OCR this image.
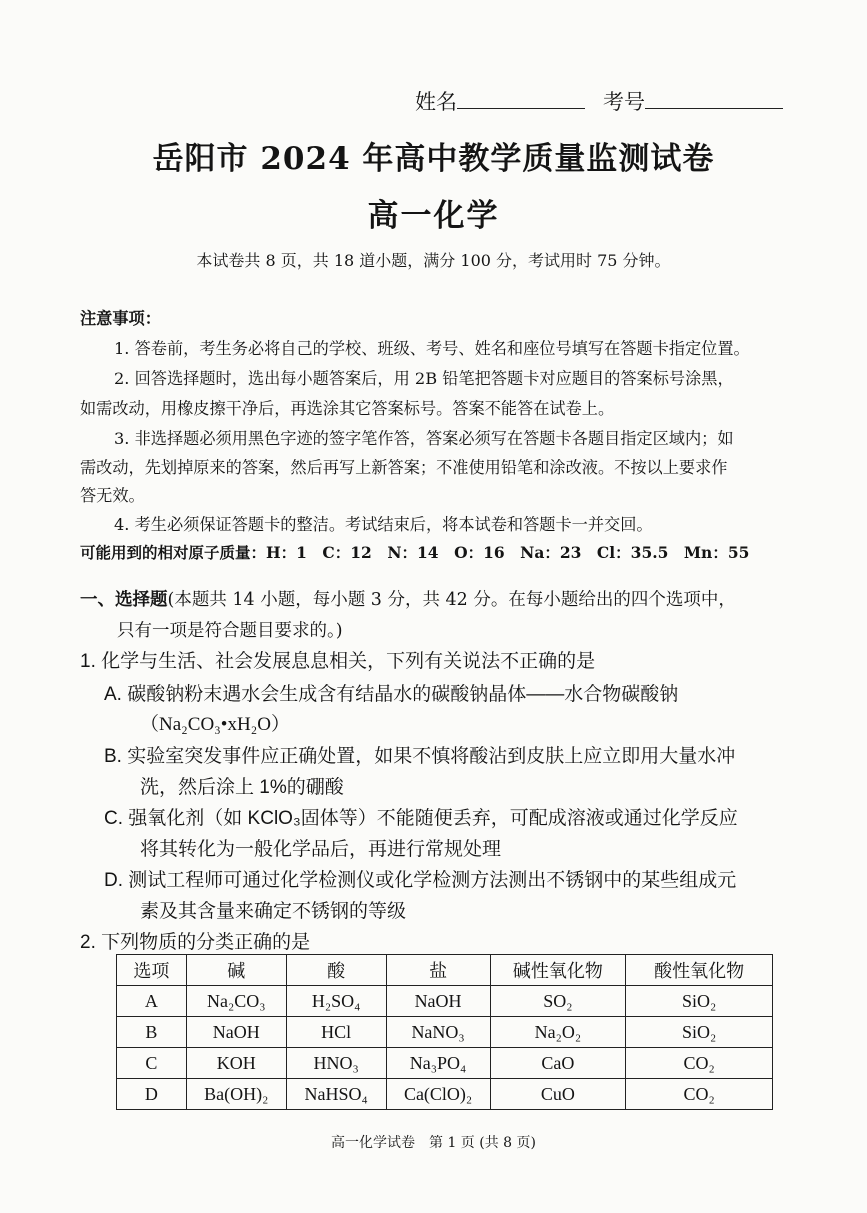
姓名	考号
岳阳市 2024 年高中教学质量监测试卷
高一化学
本试卷共 8 页，共 18 道小题，满分 100 分，考试用时 75 分钟。
注意事项：
1. 答卷前，考生务必将自己的学校、班级、考号、姓名和座位号填写在答题卡指定位置。
2. 回答选择题时，选出每小题答案后，用 2B 铅笔把答题卡对应题目的答案标号涂黑，
如需改动，用橡皮擦干净后，再选涂其它答案标号。答案不能答在试卷上。
3. 非选择题必须用黑色字迹的签字笔作答，答案必须写在答题卡各题目指定区域内；如
需改动，先划掉原来的答案，然后再写上新答案；不准使用铅笔和涂改液。不按以上要求作
答无效。
4. 考生必须保证答题卡的整洁。考试结束后，将本试卷和答题卡一并交回。
可能用到的相对原子质量：H：1　C：12　N：14　O：16　Na：23　Cl：35.5　Mn：55
一、选择题(本题共 14 小题，每小题 3 分，共 42 分。在每小题给出的四个选项中，
只有一项是符合题目要求的。)
1. 化学与生活、社会发展息息相关，下列有关说法不正确的是
A. 碳酸钠粉末遇水会生成含有结晶水的碳酸钠晶体——水合物碳酸钠
（Na₂CO₃•xH₂O）
B. 实验室突发事件应正确处置，如果不慎将酸沾到皮肤上应立即用大量水冲
洗，然后涂上 1%的硼酸
C. 强氧化剂（如 KClO₃固体等）不能随便丢弃，可配成溶液或通过化学反应
将其转化为一般化学品后，再进行常规处理
D. 测试工程师可通过化学检测仪或化学检测方法测出不锈钢中的某些组成元
素及其含量来确定不锈钢的等级
2. 下列物质的分类正确的是
选项	碱	酸	盐	碱性氧化物	酸性氧化物
A	Na₂CO₃	H₂SO₄	NaOH	SO₂	SiO₂
B	NaOH	HCl	NaNO₃	Na₂O₂	SiO₂
C	KOH	HNO₃	Na₃PO₄	CaO	CO₂
D	Ba(OH)₂	NaHSO₄	Ca(ClO)₂	CuO	CO₂
高一化学试卷　第 1 页 (共 8 页)
